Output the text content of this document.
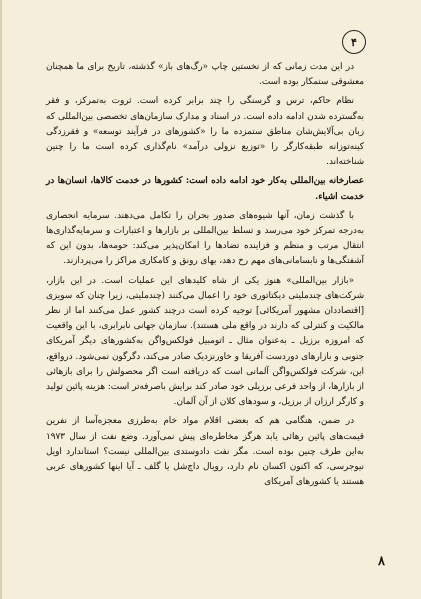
۴

در این مدت زمانی که از نخستین چاپ «رگ‌های باز» گذشته، تاریخ برای ما همچنان معشوقی ستمکار بوده است.

نظام حاکم، ترس و گرسنگی را چند برابر کرده است. ثروت به‌تمرکز، و فقر به‌گسترده شدن ادامه داده است. در اسناد و مدارک سازمان‌های تخصصی بین‌المللی که زبان بی‌آلایش‌شان مناطق ستمزده ما را «کشورهای در فرآیند توسعه» و فقرزدگی کینه‌توزانه طبقه‌کارگر را «توزیع نزولی درآمد» نام‌گذاری کرده است ما را چنین شناخته‌اند.

عصارخانه بین‌المللی به‌کار خود ادامه داده است: کشورها در خدمت کالاها، انسان‌ها در خدمت اشیاء.

با گذشت زمان، آنها شیوه‌های صدور بحران را تکامل می‌دهند. سرمایه انحصاری به‌درجه تمرکز خود می‌رسد و تسلط بین‌المللی بر بازارها و اعتبارات و سرمایه‌گذاری‌ها انتقال مرتب و منظم و فزاینده تضادها را امکان‌پذیر می‌کند: حومه‌ها، بدون این که آشفتگی‌ها و نابسامانی‌های مهم رخ دهد، بهای رونق و کامکاری مراکز را می‌پردازند.

«بازار بین‌المللی» هنوز یکی از شاه کلیدهای این عملیات است. در این بازار، شرکت‌های چندملیتی دیکتاتوری خود را اعمال می‌کنند (چندملیتی، زیرا چنان که سویزی [اقتصاددان مشهور آمریکائی] توجیه کرده است درچند کشور عمل می‌کنند اما از نظر مالکیت و کنترلی که دارند در واقع ملی هستند). سازمان جهانی نابرابری، با این واقعیت که امروزه برزیل ـ به‌عنوان مثال ـ اتومبیل فولکس‌واگن به‌کشورهای دیگر آمریکای جنوبی و بازارهای دوردست آفریقا و خاورنزدیک صادر می‌کند، دگرگون نمی‌شود. درواقع، این، شرکت فولکس‌واگن آلمانی است که دریافته است اگر محصولش را برای بازهائی از بازارها، از واحد فرعی برزیلی خود صادر کند برایش باصرفه‌تر است: هزینه پائین تولید و کارگر ارزان از برزیل، و سودهای کلان از آن آلمان.

در ضمن، هنگامی هم که بعضی اقلام مواد خام به‌طرزی معجزه‌آسا از نفرین قیمت‌های پائین رهائی یابد هرگز مخاطره‌ای پیش نمی‌آورد. وضع نفت از سال ۱۹۷۳ به‌این طرف چنین بوده است. مگر نفت دادوستدی بین‌المللی نیست؟ استاندارد اویل نیوجرسی، که اکنون اکسان نام دارد، رویال داچ‌شل یا گلف ـ آیا اینها کشورهای عربی هستند یا کشورهای آمریکای

۸
